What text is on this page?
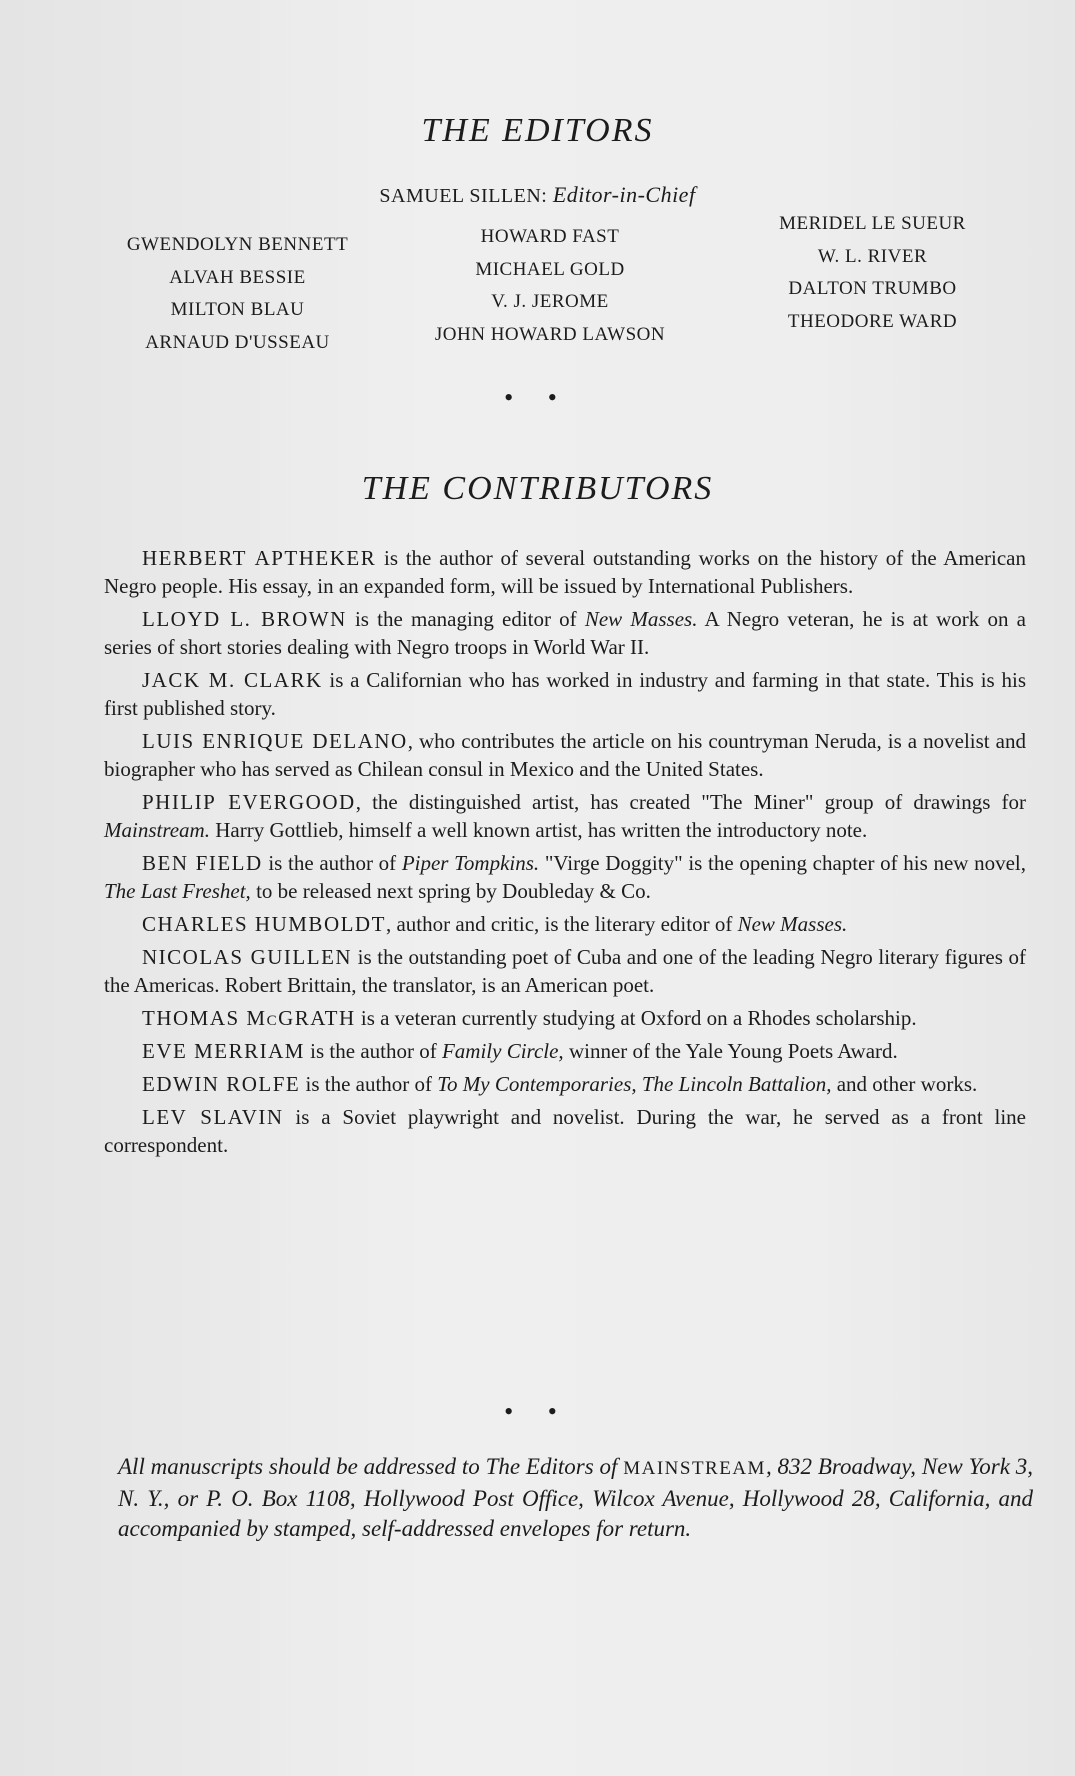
THE EDITORS
SAMUEL SILLEN: Editor-in-Chief
GWENDOLYN BENNETT
ALVAH BESSIE
MILTON BLAU
ARNAUD D'USSEAU
HOWARD FAST
MICHAEL GOLD
V. J. JEROME
JOHN HOWARD LAWSON
MERIDEL LE SUEUR
W. L. RIVER
DALTON TRUMBO
THEODORE WARD
• •
THE CONTRIBUTORS

HERBERT APTHEKER is the author of several outstanding works on the history of the American Negro people. His essay, in an expanded form, will be issued by International Publishers.

LLOYD L. BROWN is the managing editor of New Masses. A Negro veteran, he is at work on a series of short stories dealing with Negro troops in World War II.

JACK M. CLARK is a Californian who has worked in industry and farming in that state. This is his first published story.

LUIS ENRIQUE DELANO, who contributes the article on his countryman Neruda, is a novelist and biographer who has served as Chilean consul in Mexico and the United States.

PHILIP EVERGOOD, the distinguished artist, has created "The Miner" group of drawings for Mainstream. Harry Gottlieb, himself a well known artist, has written the introductory note.

BEN FIELD is the author of Piper Tompkins. "Virge Doggity" is the opening chapter of his new novel, The Last Freshet, to be released next spring by Doubleday & Co.

CHARLES HUMBOLDT, author and critic, is the literary editor of New Masses.

NICOLAS GUILLEN is the outstanding poet of Cuba and one of the leading Negro literary figures of the Americas. Robert Brittain, the translator, is an American poet.

THOMAS McGRATH is a veteran currently studying at Oxford on a Rhodes scholarship.

EVE MERRIAM is the author of Family Circle, winner of the Yale Young Poets Award.

EDWIN ROLFE is the author of To My Contemporaries, The Lincoln Battalion, and other works.

LEV SLAVIN is a Soviet playwright and novelist. During the war, he served as a front line correspondent.

• •
All manuscripts should be addressed to The Editors of MAINSTREAM, 832 Broadway, New York 3, N. Y., or P. O. Box 1108, Hollywood Post Office, Wilcox Avenue, Hollywood 28, California, and accompanied by stamped, self-addressed envelopes for return.
